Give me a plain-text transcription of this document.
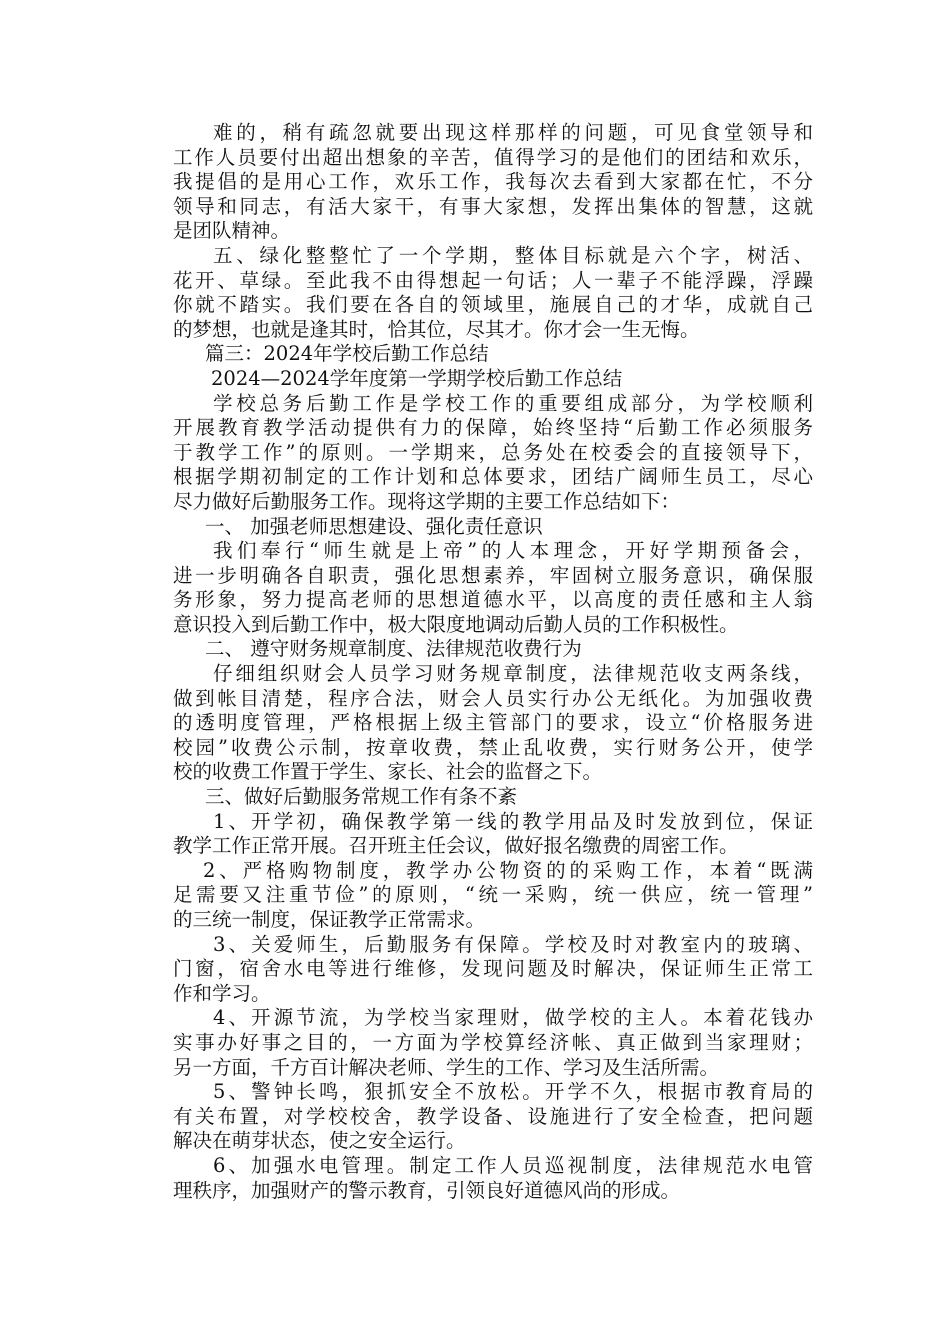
难的，稍有疏忽就要出现这样那样的问题，可见食堂领导和
工作人员要付出超出想象的辛苦，值得学习的是他们的团结和欢乐，
我提倡的是用心工作，欢乐工作，我每次去看到大家都在忙，不分
领导和同志，有活大家干，有事大家想，发挥出集体的智慧，这就
是团队精神。
五、绿化整整忙了一个学期，整体目标就是六个字，树活、
花开、草绿。至此我不由得想起一句话；人一辈子不能浮躁，浮躁
你就不踏实。我们要在各自的领域里，施展自己的才华，成就自己
的梦想，也就是逢其时，恰其位，尽其才。你才会一生无悔。
篇三：2024年学校后勤工作总结
2024—2024学年度第一学期学校后勤工作总结
学校总务后勤工作是学校工作的重要组成部分，为学校顺利
开展教育教学活动提供有力的保障，始终坚持“后勤工作必须服务
于教学工作”的原则。一学期来，总务处在校委会的直接领导下，
根据学期初制定的工作计划和总体要求，团结广阔师生员工，尽心
尽力做好后勤服务工作。现将这学期的主要工作总结如下：
一、 加强老师思想建设、强化责任意识
我们奉行“师生就是上帝”的人本理念，开好学期预备会，
进一步明确各自职责，强化思想素养，牢固树立服务意识，确保服
务形象，努力提高老师的思想道德水平，以高度的责任感和主人翁
意识投入到后勤工作中，极大限度地调动后勤人员的工作积极性。
二、 遵守财务规章制度、法律规范收费行为
仔细组织财会人员学习财务规章制度，法律规范收支两条线，
做到帐目清楚，程序合法，财会人员实行办公无纸化。为加强收费
的透明度管理，严格根据上级主管部门的要求，设立“价格服务进
校园”收费公示制，按章收费，禁止乱收费，实行财务公开，使学
校的收费工作置于学生、家长、社会的监督之下。
三、做好后勤服务常规工作有条不紊
1、开学初，确保教学第一线的教学用品及时发放到位，保证
教学工作正常开展。召开班主任会议，做好报名缴费的周密工作。
2、严格购物制度，教学办公物资的的采购工作，本着“既满
足需要又注重节俭”的原则，“统一采购，统一供应，统一管理”
的三统一制度，保证教学正常需求。
3、关爱师生，后勤服务有保障。学校及时对教室内的玻璃、
门窗，宿舍水电等进行维修，发现问题及时解决，保证师生正常工
作和学习。
4、开源节流，为学校当家理财，做学校的主人。本着花钱办
实事办好事之目的，一方面为学校算经济帐、真正做到当家理财；
另一方面，千方百计解决老师、学生的工作、学习及生活所需。
5、警钟长鸣，狠抓安全不放松。开学不久，根据市教育局的
有关布置，对学校校舍，教学设备、设施进行了安全检查，把问题
解决在萌芽状态，使之安全运行。
6、加强水电管理。制定工作人员巡视制度，法律规范水电管
理秩序，加强财产的警示教育，引领良好道德风尚的形成。
